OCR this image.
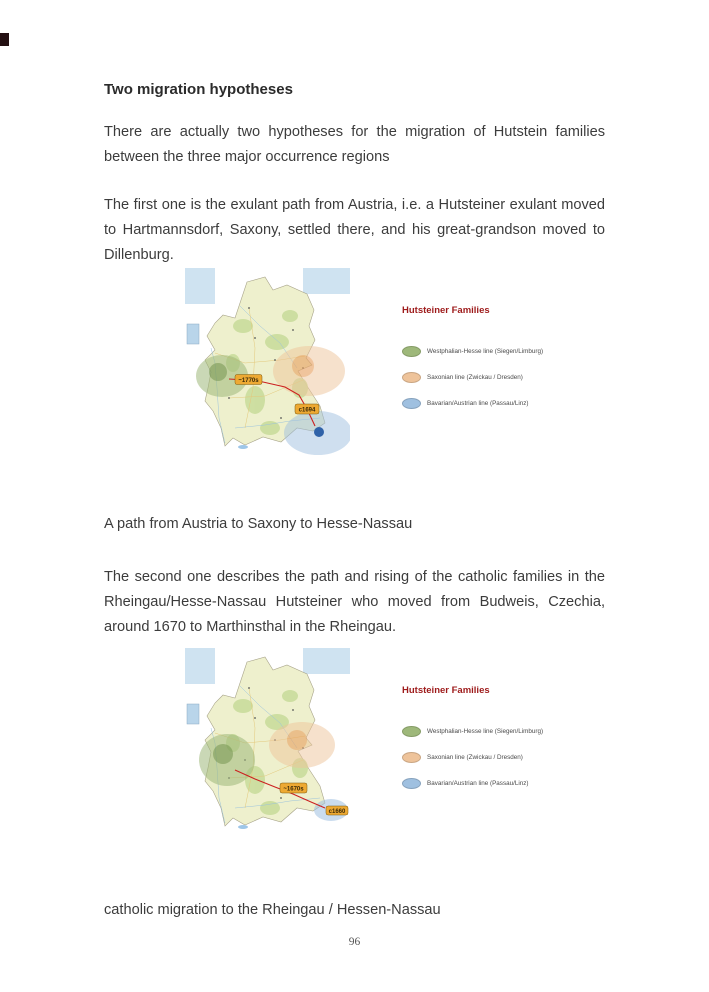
Two migration hypotheses

There are actually two hypotheses for the migration of Hutstein families between the three major occurrence regions

The first one is the exulant path from Austria, i.e. a Hutsteiner exulant moved to Hartmannsdorf, Saxony, settled there, and his great-grandson moved to Dillenburg.

~1770s
c1694
Hutsteiner Families
Westphalian-Hesse line (Siegen/Limburg)
Saxonian line (Zwickau / Dresden)
Bavarian/Austrian line (Passau/Linz)
A path from Austria to Saxony to Hesse-Nassau

The second one describes the path and rising of the catholic families in the Rheingau/Hesse-Nassau Hutsteiner who moved from Budweis, Czechia, around 1670 to Marthinsthal in the Rheingau.

~1670s
c1660
Hutsteiner Families
Westphalian-Hesse line (Siegen/Limburg)
Saxonian line (Zwickau / Dresden)
Bavarian/Austrian line (Passau/Linz)
catholic migration to the Rheingau / Hessen-Nassau
96
